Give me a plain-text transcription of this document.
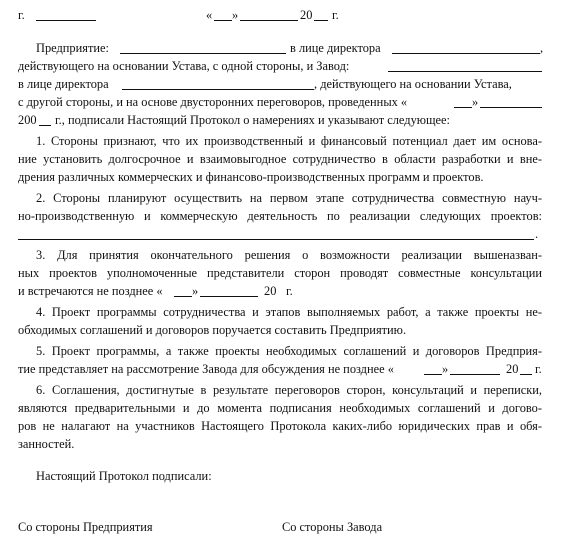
г.	« »	20 г.
Предприятие:	в лице директора	,
действующего на основании Устава, с одной стороны, и Завод:
в лице директора	, действующего на основании Устава,
с другой стороны, и на основе двусторонних переговоров, проведенных «	»
200 г., подписали Настоящий Протокол о намерениях и указывают следующее:
1. Стороны признают, что их производственный и финансовый потенциал дает им основа-
ние установить долгосрочное и взаимовыгодное сотрудничество в области разработки и вне-
дрения различных коммерческих и финансово-производственных программ и проектов.
2. Стороны планируют осуществить на первом этапе сотрудничества совместную науч-
но-производственную и коммерческую деятельность по реализации следующих проектов:
.
3. Для принятия окончательного решения о возможности реализации вышеназван-
ных проектов уполномоченные представители сторон проводят совместные консультации
и встречаются не позднее « »	20 г.
4. Проект программы сотрудничества и этапов выполняемых работ, а также проекты не-
обходимых соглашений и договоров поручается составить Предприятию.
5. Проект программы, а также проекты необходимых соглашений и договоров Предприя-
тие представляет на рассмотрение Завода для обсуждения не позднее «	»	20 г.
6. Соглашения, достигнутые в результате переговоров сторон, консультаций и переписки,
являются предварительными и до момента подписания необходимых соглашений и догово-
ров не налагают на участников Настоящего Протокола каких-либо юридических прав и обя-
занностей.
Настоящий Протокол подписали:
Со стороны Предприятия	Со стороны Завода
